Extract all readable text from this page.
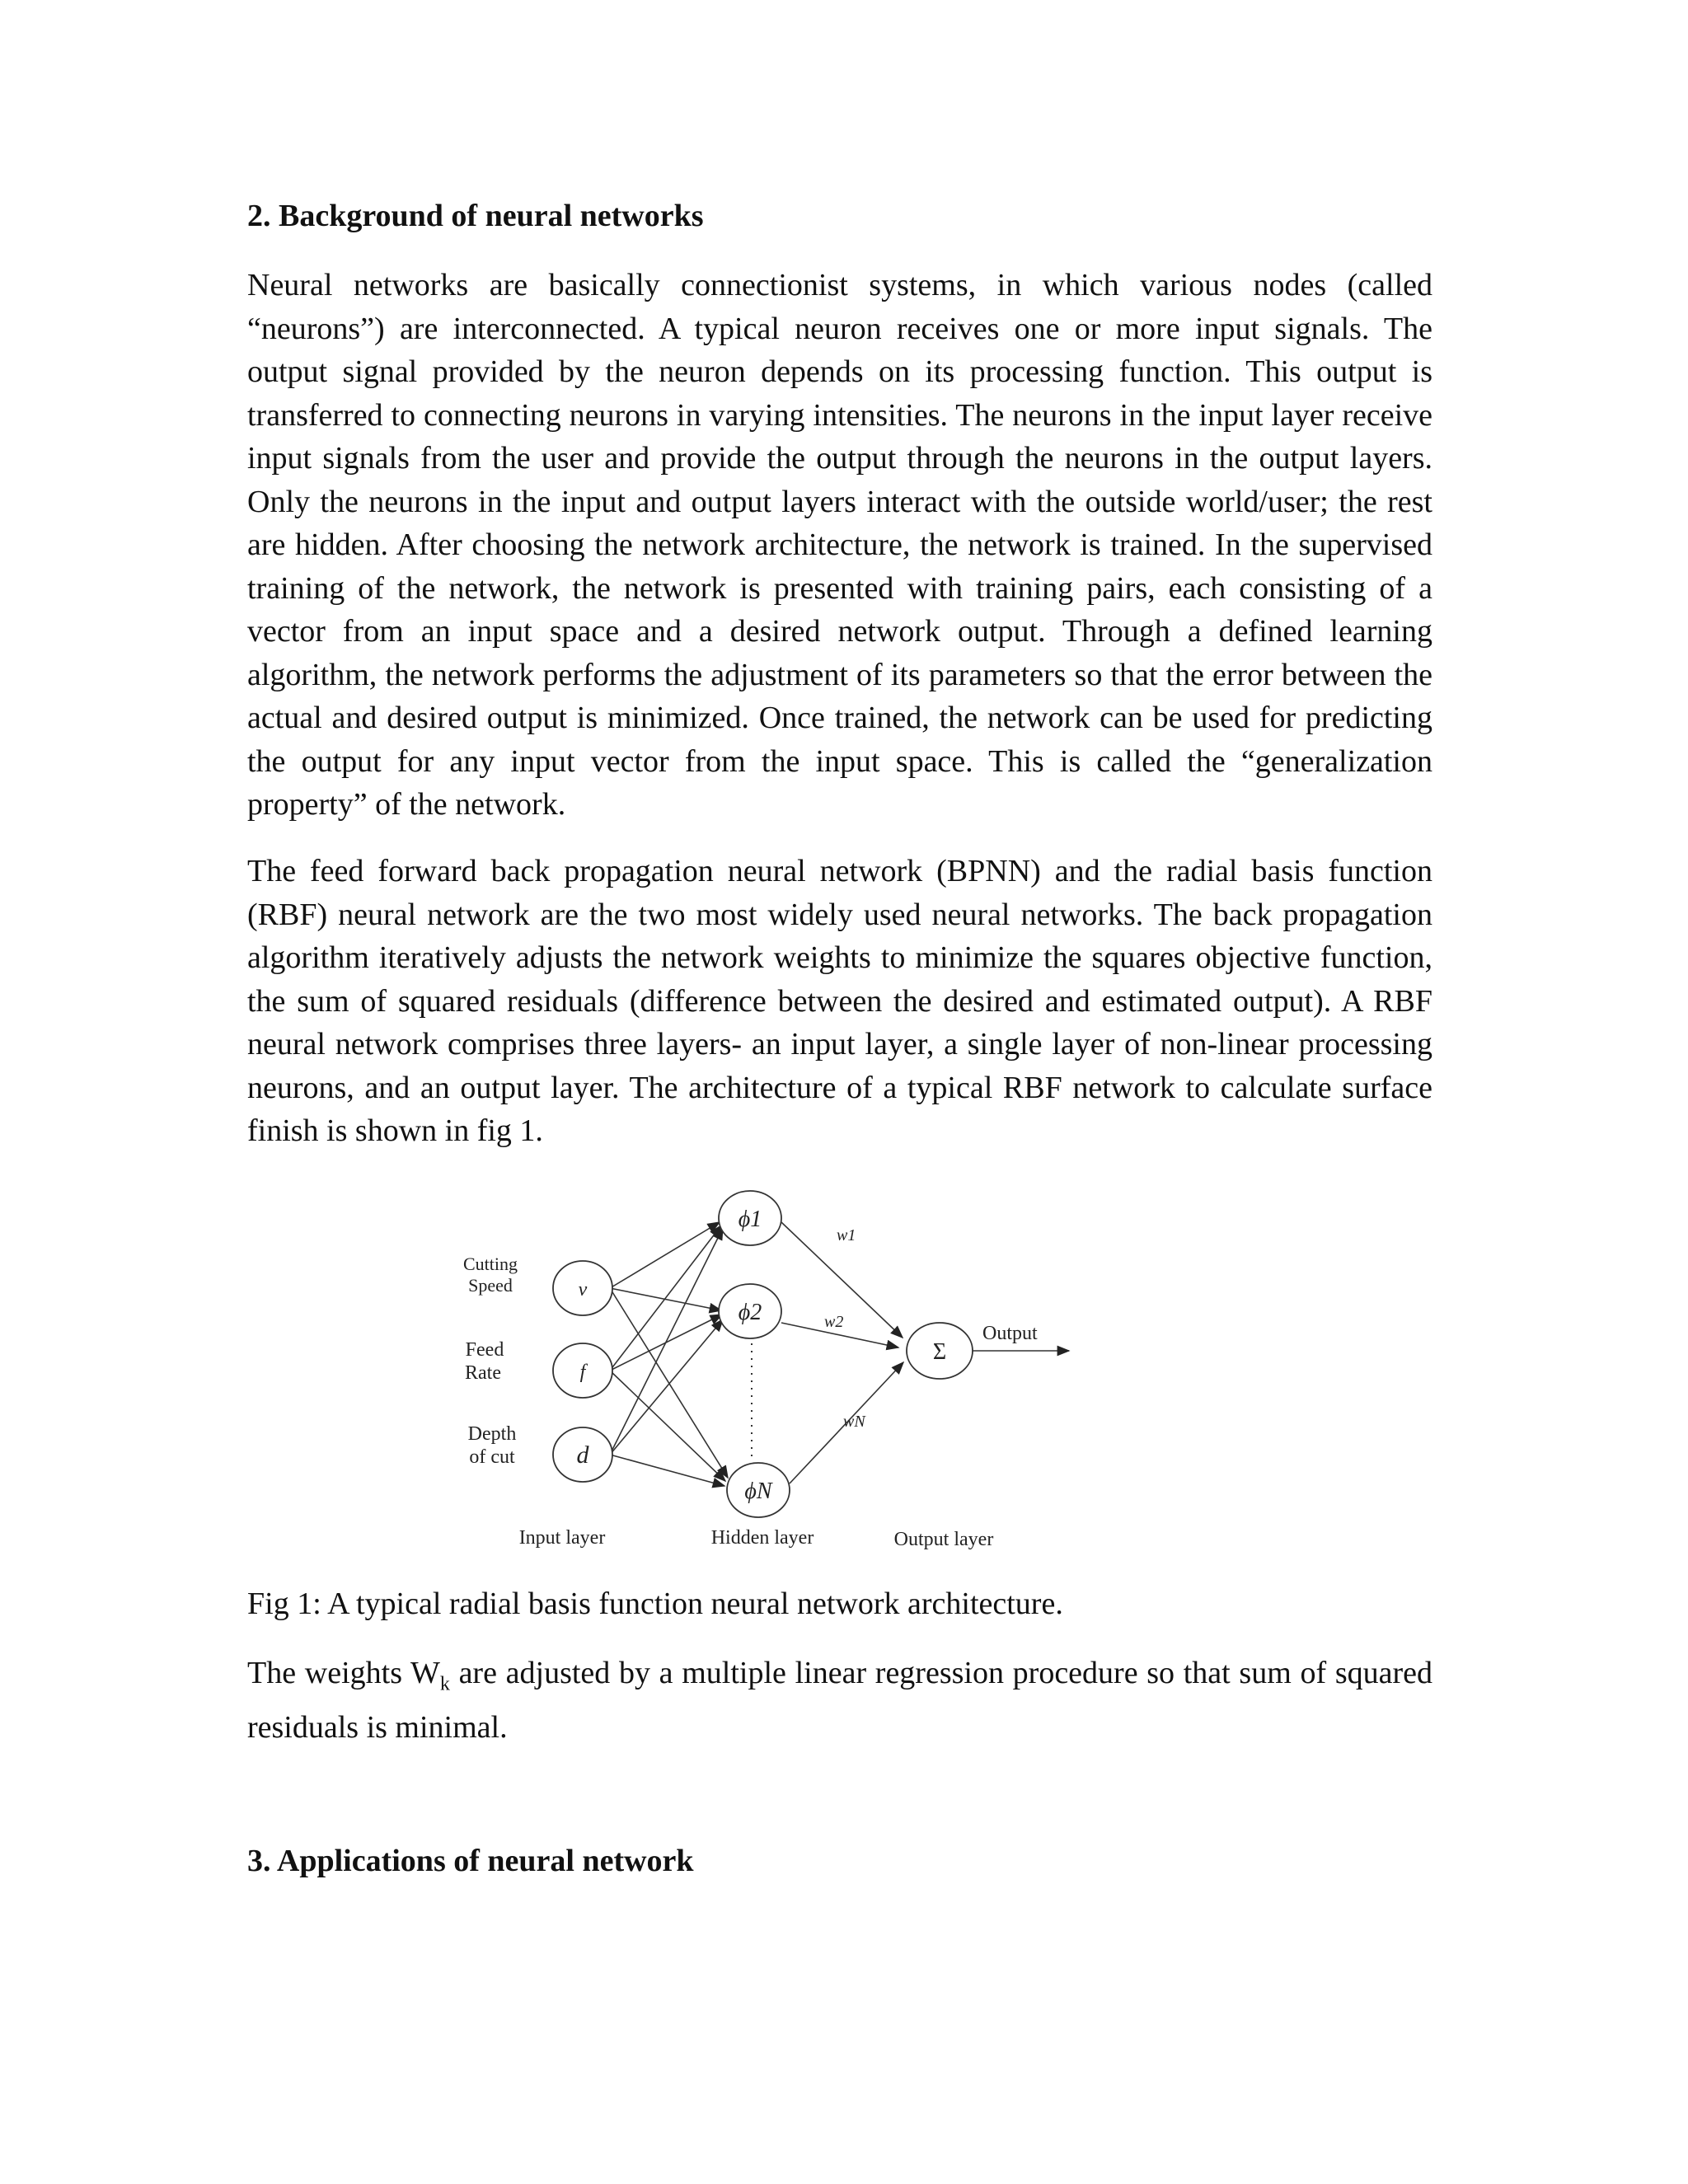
2. Background of neural networks

Neural networks are basically connectionist systems, in which various nodes (called “neurons”) are interconnected. A typical neuron receives one or more input signals. The output signal provided by the neuron depends on its processing function. This output is transferred to connecting neurons in varying intensities. The neurons in the input layer receive input signals from the user and provide the output through the neurons in the output layers. Only the neurons in the input and output layers interact with the outside world/user; the rest are hidden. After choosing the network architecture, the network is trained. In the supervised training of the network, the network is presented with training pairs, each consisting of a vector from an input space and a desired network output. Through a defined learning algorithm, the network performs the adjustment of its parameters so that the error between the actual and desired output is minimized. Once trained, the network can be used for predicting the output for any input vector from the input space. This is called the “generalization property” of the network.

The feed forward back propagation neural network (BPNN) and the radial basis function (RBF) neural network are the two most widely used neural networks. The back propagation algorithm iteratively adjusts the network weights to minimize the squares objective function, the sum of squared residuals (difference between the desired and estimated output). A RBF neural network comprises three layers- an input layer, a single layer of non-linear processing neurons, and an output layer. The architecture of a typical RBF network to calculate surface finish is shown in fig 1.

v
f
d
Cutting
Speed
Feed
Rate
Depth
of cut
ϕ1
ϕ2
ϕN
w1
w2
wN
Σ
Output
Input layer	Hidden layer	Output layer

Fig 1: A typical radial basis function neural network architecture.

The weights $W_k$ are adjusted by a multiple linear regression procedure so that sum of squared residuals is minimal.

3. Applications of neural network
